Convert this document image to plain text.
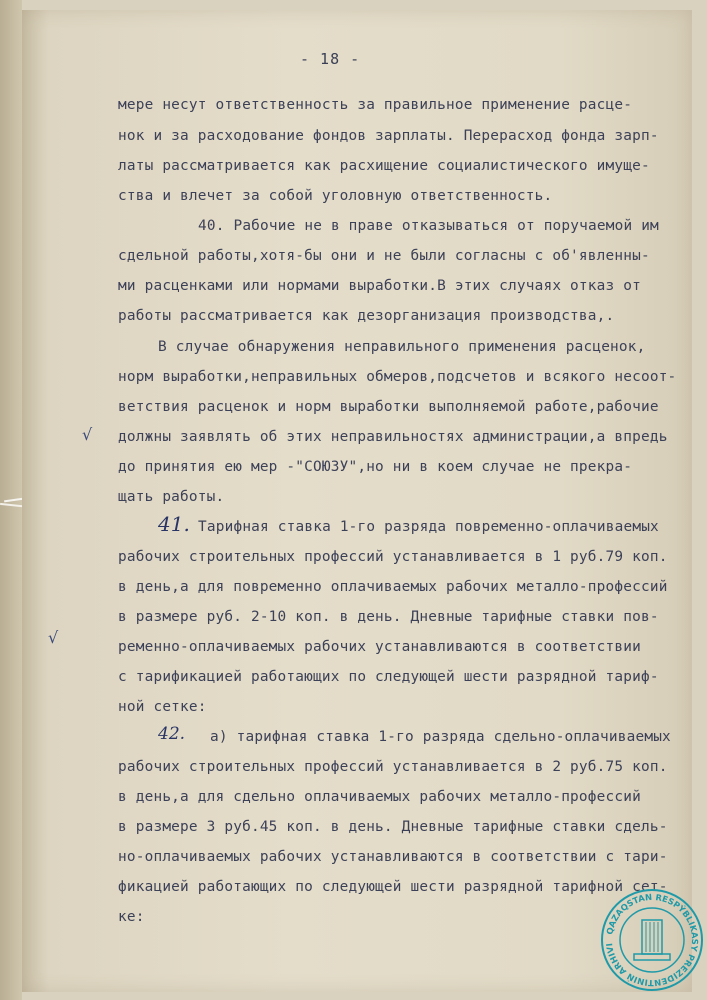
- 18 -
мере несут ответственность за правильное применение расце-
нок и за расходование фондов зарплаты. Перерасход фонда зарп-
латы рассматривается как расхищение социалистического имуще-
ства и влечет за собой уголовную ответственность.
40. Рабочие не в праве отказываться от поручаемой им
сдельной работы,хотя-бы они и не были согласны с об'явленны-
ми расценками или нормами выработки.В этих случаях отказ от
работы рассматривается как дезорганизация производства,.
В случае обнаружения неправильного применения расценок,
норм выработки,неправильных обмеров,подсчетов и всякого несоот-
ветствия расценок и норм выработки выполняемой работе,рабочие
должны заявлять об этих неправильностях администрации,а впредь
до принятия ею мер -"СОЮЗУ",но ни в коем случае не прекра-
щать работы.
Тарифная ставка 1-го разряда повременно-оплачиваемых
рабочих строительных профессий устанавливается в 1 руб.79 коп.
в день,а для повременно оплачиваемых рабочих металло-профессий
в размере руб. 2-10 коп. в день. Дневные тарифные ставки пов-
ременно-оплачиваемых рабочих устанавливаются в соответствии
с тарификацией работающих по следующей шести разрядной тариф-
ной сетке:
а) тарифная ставка 1-го разряда сдельно-оплачиваемых
рабочих строительных профессий устанавливается в 2 руб.75 коп.
в день,а для сдельно оплачиваемых рабочих металло-профессий
в размере 3 руб.45 коп. в день. Дневные тарифные ставки сдель-
но-оплачиваемых рабочих устанавливаются в соответствии с тари-
фикацией работающих по следующей шести разрядной тарифной сет-
ке:
41.
42.
√
√
QAZAQSTAN RESPÝBLIKASY PREZIDENTINIŃ ARHIVI
